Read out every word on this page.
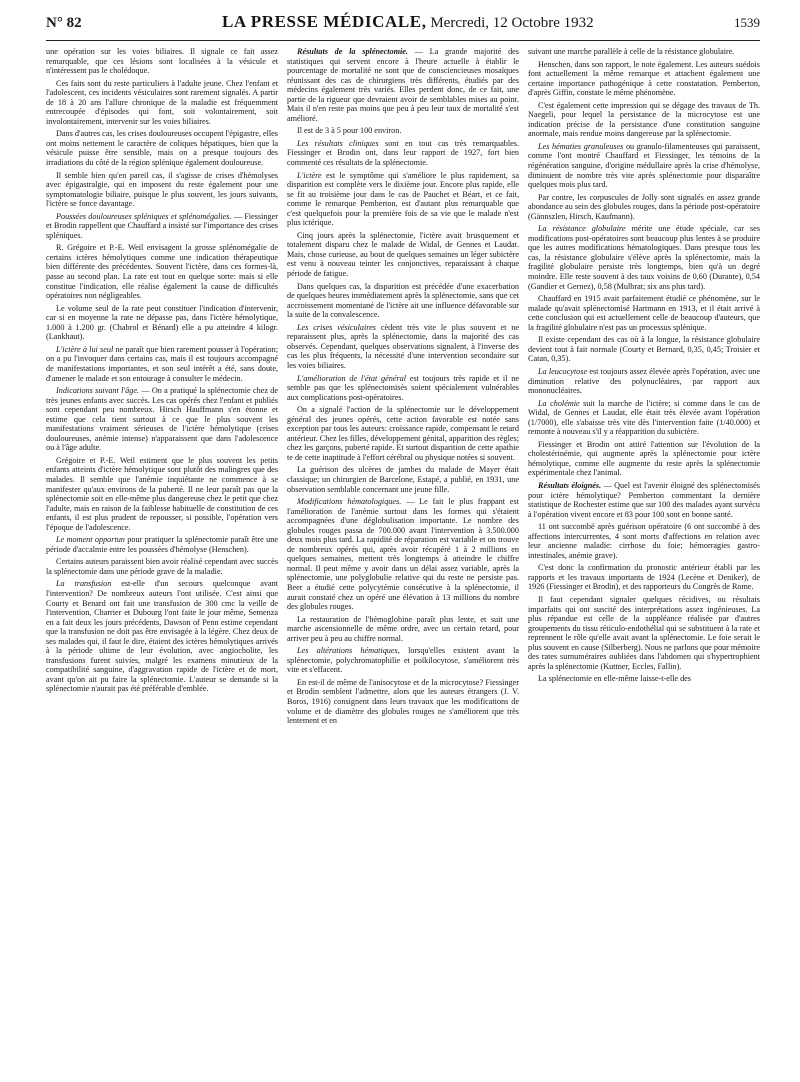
N° 82	LA PRESSE MÉDICALE, Mercredi, 12 Octobre 1932	1539

une opération sur les voies biliaires. Il signale ce fait assez remarquable, que ces lésions sont localisées à la vésicule et n'intéressent pas le cholédoque.

Ces faits sont du reste particuliers à l'adulte jeune. Chez l'enfant et l'adolescent, ces incidents vésiculaires sont rarement signalés. A partir de 18 à 20 ans l'allure chronique de la maladie est fréquemment entrecoupée d'épisodes qui font, soit volontairement, soit involontairement, intervenir sur les voies biliaires.

Dans d'autres cas, les crises douloureuses occupent l'épigastre, elles ont moins nettement le caractère de coliques hépatiques, bien que la vésicule puisse être sensible, mais on a presque toujours des irradiations du côté de la région splénique également douloureuse.

Il semble bien qu'en pareil cas, il s'agisse de crises d'hémolyses avec épigastralgie, qui en imposent du reste également pour une symptomatologie biliaire, puisque le plus souvent, les jours suivants, l'ictère se fonce davantage.

Poussées douloureuses spléniques et splénomégalies. — Fiessinger et Brodin rappellent que Chauffard a insisté sur l'importance des crises spléniques.

R. Grégoire et P.-E. Weil envisagent la grosse splénomégalie de certains ictères hémolytiques comme une indication thérapeutique bien différente des précédentes. Souvent l'ictère, dans ces formes-là, passe au second plan. La rate est tout en quelque sorte: mais si elle constitue l'indication, elle réalise également la cause de difficultés opératoires non négligeables.

Le volume seul de la rate peut constituer l'indication d'intervenir, car si en moyenne la rate ne dépasse pas, dans l'ictère hémolytique, 1.000 à 1.200 gr. (Chabrol et Bénard) elle a pu atteindre 4 kilogr. (Lankhaut).

L'ictère à lui seul ne paraît que bien rarement pousser à l'opération; on a pu l'invoquer dans certains cas, mais il est toujours accompagné de manifestations importantes, et son seul intérêt a été, sans doute, d'amener le malade et son entourage à consulter le médecin.

Indications suivant l'âge. — On a pratiqué la splénectomie chez de très jeunes enfants avec succès. Les cas opérés chez l'enfant et publiés sont cependant peu nombreux. Hirsch Hauffmann s'en étonne et estime que cela tient surtout à ce que le plus souvent les manifestations vraiment sérieuses de l'ictère hémolytique (crises douloureuses, anémie intense) n'apparaissent que dans l'adolescence ou à l'âge adulte.

Grégoire et P.-E. Weil estiment que le plus souvent les petits enfants atteints d'ictère hémolytique sont plutôt des malingres que des malades. Il semble que l'anémie inquiétante ne commence à se manifester qu'aux environs de la puberté. Il ne leur paraît pas que la splénectomie soit en elle-même plus dangereuse chez le petit que chez l'adulte, mais en raison de la faiblesse habituelle de constitution de ces enfants, il est plus prudent de repousser, si possible, l'opération vers l'époque de l'adolescence.

Le moment opportun pour pratiquer la splénectomie paraît être une période d'accalmie entre les poussées d'hémolyse (Henschen).

Certains auteurs paraissent bien avoir réalisé cependant avec succès la splénectomie dans une période grave de la maladie.

La transfusion est-elle d'un secours quelconque avant l'intervention? De nombreux auteurs l'ont utilisée. C'est ainsi que Courty et Benard ont fait une transfusion de 300 cmc la veille de l'intervention, Charrier et Dubourg l'ont faite le jour même, Semenza en a fait deux les jours précédents, Dawson of Penn estime cependant que la transfusion ne doit pas être envisagée à la légère. Chez deux de ses malades qui, il faut le dire, étaient des ictères hémolytiques arrivés à la période ultime de leur évolution, avec angiocholite, les transfusions furent suivies, malgré les examens minutieux de la compatibilité sanguine, d'aggravation rapide de l'ictère et de mort, avant qu'on ait pu faire la splénectomie. L'auteur se demande si la splénectomie n'aurait pas été préférable d'emblée.

Résultats de la splénectomie. — La grande majorité des statistiques qui servent encore à l'heure actuelle à établir le pourcentage de mortalité ne sont que de consciencieuses mosaïques réunissant des cas de chirurgiens très différents, étudiés par des médecins également très variés. Elles perdent donc, de ce fait, une partie de la rigueur que devraient avoir de semblables mises au point. Mais il n'en reste pas moins que peu à peu leur taux de mortalité s'est amélioré.

Il est de 3 à 5 pour 100 environ.

Les résultats cliniques sont en tout cas très remarquables. Fiessinger et Brodin ont, dans leur rapport de 1927, fort bien commenté ces résultats de la splénectomie.

L'ictère est le symptôme qui s'améliore le plus rapidement, sa disparition est complète vers le dixième jour. Encore plus rapide, elle se fit au troisième jour dans le cas de Pauchet et Béart, et ce fait, comme le remarque Pemberton, est d'autant plus remarquable que c'est quelquefois pour la première fois de sa vie que le malade n'est plus ictérique.

Cinq jours après la splénectomie, l'ictère avait brusquement et totalement disparu chez le malade de Widal, de Gennes et Laudat. Mais, chose curieuse, au bout de quelques semaines un léger subictère est venu à nouveau teinter les conjonctives, reparaissant à chaque période de fatigue.

Dans quelques cas, la disparition est précédée d'une exacerbation de quelques heures immédiatement après la splénectomie, sans que cet accroissement momentané de l'ictère ait une influence défavorable sur la suite de la convalescence.

Les crises vésiculaires cèdent très vite le plus souvent et ne reparaissent plus, après la splénectomie, dans la majorité des cas observés. Cependant, quelques observations signalent, à l'inverse des cas les plus fréquents, la nécessité d'une intervention secondaire sur les voies biliaires.

L'amélioration de l'état général est toujours très rapide et il ne semble pas que les splénectomisés soient spécialement vulnérables aux complications post-opératoires.

On a signalé l'action de la splénectomie sur le développement général des jeunes opérés, cette action favorable est notée sans exception par tous les auteurs: croissance rapide, compensant le retard antérieur. Chez les filles, développement génital, apparition des règles; chez les garçons, puberté rapide. Et surtout disparition de cette apathie te de cette inaptitude à l'effort cérébral ou physique notées si souvent.

La guérison des ulcères de jambes du malade de Mayer était classique; un chirurgien de Barcelone, Estapé, a publié, en 1931, une observation semblable concernant une jeune fille.

Modifications hématologiques. — Le fait le plus frappant est l'amélioration de l'anémie surtout dans les formes qui s'étaient accompagnées d'une déglobulisation importante. Le nombre des globules rouges passa de 700.000 avant l'intervention à 3.500.000 deux mois plus tard. La rapidité de réparation est variable et on trouve de nombreux opérés qui, après avoir récupéré 1 à 2 millions en quelques semaines, mettent très longtemps à atteindre le chiffre normal. Il peut même y avoir dans un délai assez variable, après la splénectomie, une polyglobulie relative qui du reste ne persiste pas. Beer a étudié cette polycytémie consécutive à la splénectomie, il aurait constaté chez un opéré une élévation à 13 millions du nombre des globules rouges.

La restauration de l'hémoglobine paraît plus lente, et suit une marche ascensionnelle de même ordre, avec un certain retard, pour arriver peu à peu au chiffre normal.

Les altérations hématiques, lorsqu'elles existent avant la splénectomie, polychromatophilie et poïkilocytose, s'améliorent très vite et s'effacent.

En est-il de même de l'anisocytose et de la microcytose? Fiessinger et Brodin semblent l'admettre, alors que les auteurs étrangers (J. V. Boros, 1916) consignent dans leurs travaux que les modifications de volume et de diamètre des globules rouges ne s'améliorent que très lentement et en

suivant une marche parallèle à celle de la résistance globulaire.

Henschen, dans son rapport, le note également. Les auteurs suédois font actuellement la même remarque et attachent également une certaine importance pathogénique à cette constatation. Pemberton, d'après Giffin, constate le même phénomène.

C'est également cette impression qui se dégage des travaux de Th. Naegeli, pour lequel la persistance de la microcytose est une indication précise de la persistance d'une constitution sanguine anormale, mais rendue moins dangereuse par la splénectomie.

Les hématies granuleuses ou granulo-filamenteuses qui paraissent, comme l'ont montré Chauffard et Fiessinger, les témoins de la régénération sanguine, d'origine médullaire après la crise d'hémolyse, diminuent de nombre très vite après splénectomie pour disparaître quelques mois plus tard.

Par contre, les corpuscules de Jolly sont signalés en assez grande abondance au sein des globules rouges, dans la période post-opératoire (Gännszlen, Hirsch, Kaufmann).

La résistance globulaire mérite une étude spéciale, car ses modifications post-opératoires sont beaucoup plus lentes à se produire que les autres modifications hématologiques. Dans presque tous les cas, la résistance globulaire s'élève après la splénectomie, mais la fragilité globulaire persiste très longtemps, bien qu'à un degré moindre. Elle reste souvent à des taux voisins de 0,60 (Durante), 0,54 (Gandier et Gernez), 0,58 (Mulbrat; six ans plus tard).

Chauffard en 1915 avait parfaitement étudié ce phénomène, sur le malade qu'avait splénectomisé Hartmann en 1913, et il était arrivé à cette conclusion qui est actuellement celle de beaucoup d'auteurs, que la fragilité globulaire n'est pas un processus splénique.

Il existe cependant des cas où à la longue, la résistance globulaire devient tout à fait normale (Courty et Bernard, 0,35, 0,45; Troisier et Catan, 0,35).

La leucocytose est toujours assez élevée après l'opération, avec une diminution relative des polynucléaires, par rapport aux mononucléaires.

La cholémie suit la marche de l'ictère; si comme dans le cas de Widal, de Gennes et Laudat, elle était très élevée avant l'opération (1/7000), elle s'abaisse très vite dès l'intervention faite (1/40.000) et remonte à nouveau s'il y a réapparition du subictère.

Fiessinger et Brodin ont attiré l'attention sur l'évolution de la cholestérinémie, qui augmente après la splénectomie pour ictère hémolytique, comme elle augmente du reste après la splénectomie expérimentale chez l'animal.

Résultats éloignés. — Quel est l'avenir éloigné des splénectomisés pour ictère hémolytique? Pemberton commentant la dernière statistique de Rochester estime que sur 100 des malades ayant survécu à l'opération vivent encore et 83 pour 100 sont en bonne santé.

11 ont succombé après guérison opératoire (6 ont succombé à des affections intercurrentes, 4 sont morts d'affections en relation avec leur ancienne maladie: cirrhose du foie; hémorragies gastro-intestinales, anémie grave).

C'est donc la confirmation du pronostic antérieur établi par les rapports et les travaux importants de 1924 (Lecène et Deniker), de 1926 (Fiessinger et Brodin), et des rapporteurs du Congrès de Rome.

Il faut cependant signaler quelques récidives, ou résultats imparfaits qui ont suscité des interprétations assez ingénieuses. La plus répandue est celle de la suppléance réalisée par d'autres groupements du tissu réticulo-endothélial qui se substituent à la rate et reprennent le rôle qu'elle avait avant la splénectomie. Le foie serait le plus souvent en cause (Silberberg). Nous ne parlons que pour mémoire des rates surnuméraires oubliées dans l'abdomen qui s'hypertrophient après la splénectomie (Kuttner, Eccles, Fallin).

La splénectomie en elle-même laisse-t-elle des
